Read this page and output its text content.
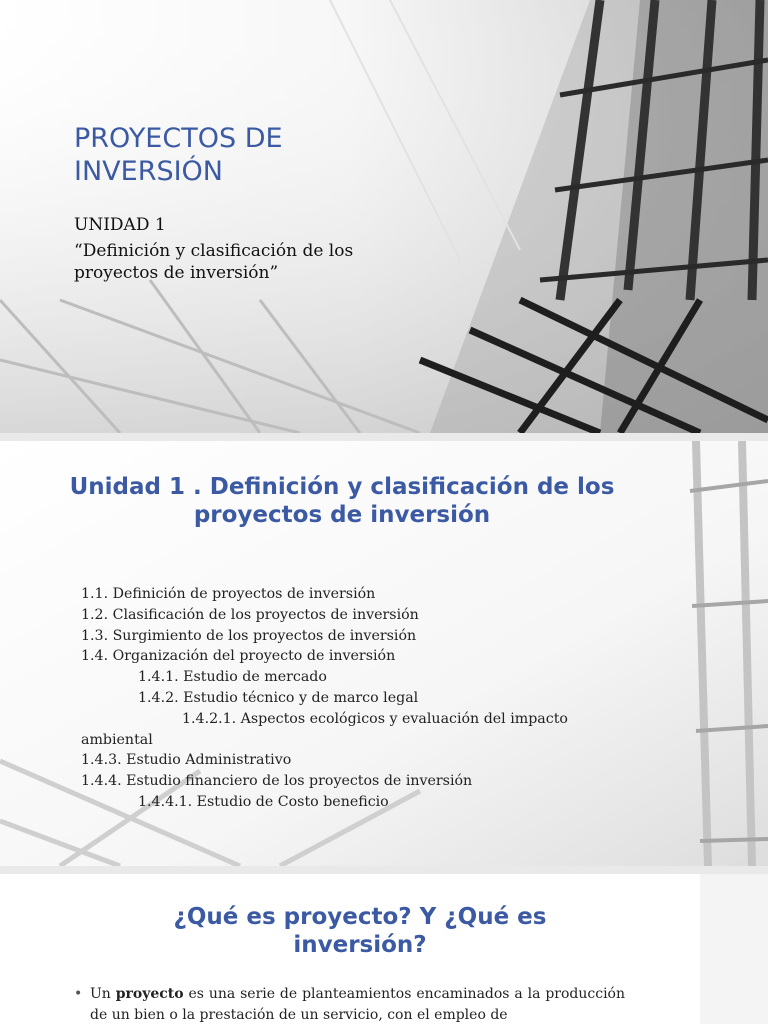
PROYECTOS DE INVERSIÓN
UNIDAD 1
“Definición y clasificación de los proyectos de inversión”
Unidad 1 . Definición y clasificación de los proyectos de inversión
1.1. Definición de proyectos de inversión
1.2. Clasificación de los proyectos de inversión
1.3. Surgimiento de los proyectos de inversión
1.4. Organización del proyecto de inversión
1.4.1. Estudio de mercado
1.4.2. Estudio técnico y de marco legal
1.4.2.1. Aspectos ecológicos y evaluación del impacto ambiental
1.4.3. Estudio Administrativo
1.4.4. Estudio financiero de los proyectos de inversión
1.4.4.1. Estudio de Costo beneficio
¿Qué es proyecto? Y ¿Qué es inversión?

• Un proyecto es una serie de planteamientos encaminados a la producción de un bien o la prestación de un servicio, con el empleo de
